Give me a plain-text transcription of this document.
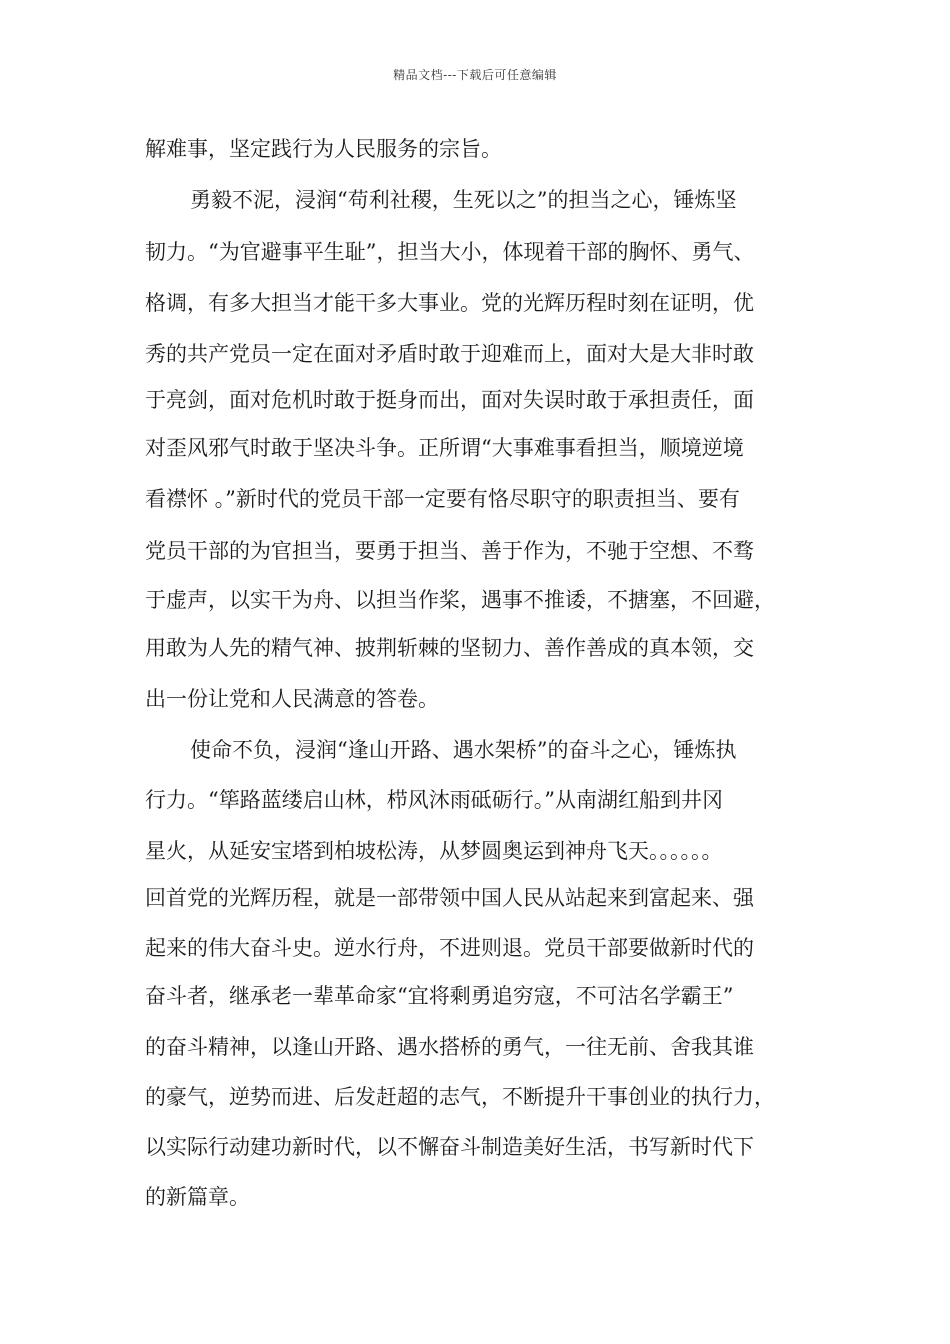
精品文档---下载后可任意编辑
解难事，坚定践行为人民服务的宗旨。
勇毅不泥，浸润“苟利社稷，生死以之”的担当之心，锤炼坚
韧力。“为官避事平生耻”，担当大小，体现着干部的胸怀、勇气、
格调，有多大担当才能干多大事业。党的光辉历程时刻在证明，优
秀的共产党员一定在面对矛盾时敢于迎难而上，面对大是大非时敢
于亮剑，面对危机时敢于挺身而出，面对失误时敢于承担责任，面
对歪风邪气时敢于坚决斗争。正所谓“大事难事看担当，顺境逆境
看襟怀 。”新时代的党员干部一定要有恪尽职守的职责担当、要有
党员干部的为官担当，要勇于担当、善于作为，不驰于空想、不骛
于虚声，以实干为舟、以担当作桨，遇事不推诿，不搪塞，不回避，
用敢为人先的精气神、披荆斩棘的坚韧力、善作善成的真本领，交
出一份让党和人民满意的答卷。
使命不负，浸润“逢山开路、遇水架桥”的奋斗之心，锤炼执
行力。“筚路蓝缕启山林，栉风沐雨砥砺行。”从南湖红船到井冈
星火，从延安宝塔到柏坡松涛，从梦圆奥运到神舟飞天。。。。。。
回首党的光辉历程，就是一部带领中国人民从站起来到富起来、强
起来的伟大奋斗史。逆水行舟，不进则退。党员干部要做新时代的
奋斗者，继承老一辈革命家“宜将剩勇追穷寇，不可沽名学霸王”
的奋斗精神，以逢山开路、遇水搭桥的勇气，一往无前、舍我其谁
的豪气，逆势而进、后发赶超的志气，不断提升干事创业的执行力，
以实际行动建功新时代，以不懈奋斗制造美好生活，书写新时代下
的新篇章。
